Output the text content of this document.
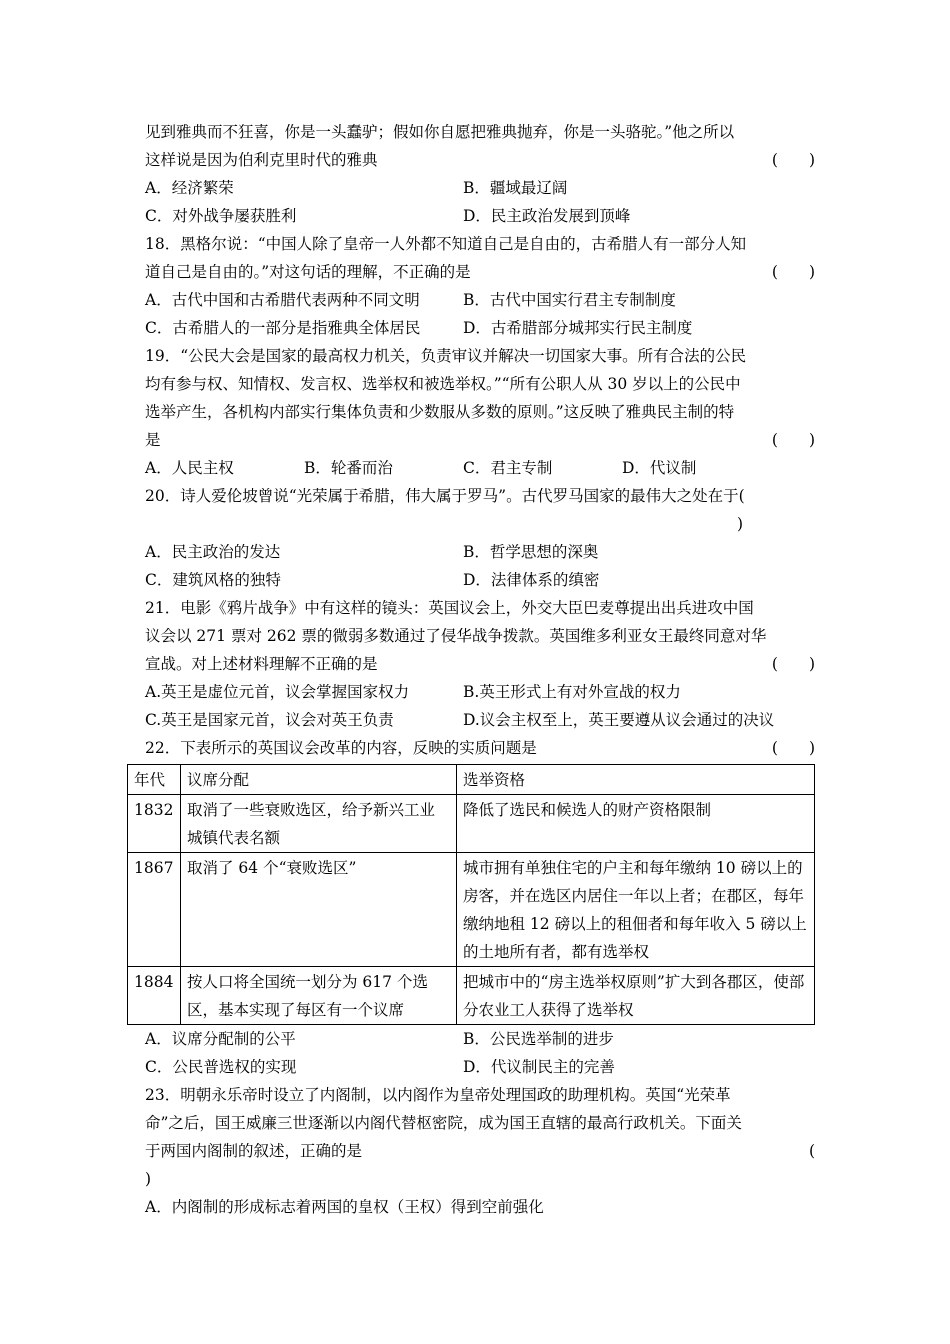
见到雅典而不狂喜，你是一头蠢驴；假如你自愿把雅典抛弃，你是一头骆驼。”他之所以
这样说是因为伯利克里时代的雅典	(　　)
A．经济繁荣	B．疆域最辽阔
C．对外战争屡获胜利	D．民主政治发展到顶峰
18．黑格尔说：“中国人除了皇帝一人外都不知道自己是自由的，古希腊人有一部分人知
道自己是自由的。”对这句话的理解，不正确的是	(　　)
A．古代中国和古希腊代表两种不同文明	B．古代中国实行君主专制制度
C．古希腊人的一部分是指雅典全体居民	D．古希腊部分城邦实行民主制度
19．“公民大会是国家的最高权力机关，负责审议并解决一切国家大事。所有合法的公民
均有参与权、知情权、发言权、选举权和被选举权。”“所有公职人从 30 岁以上的公民中
选举产生，各机构内部实行集体负责和少数服从多数的原则。”这反映了雅典民主制的特
是	(　　)
A．人民主权	B．轮番而治	C．君主专制	D．代议制
20．诗人爱伦坡曾说“光荣属于希腊，伟大属于罗马”。古代罗马国家的最伟大之处在于(
)
A．民主政治的发达	B．哲学思想的深奥
C．建筑风格的独特	D．法律体系的缜密
21．电影《鸦片战争》中有这样的镜头：英国议会上，外交大臣巴麦尊提出出兵进攻中国
议会以 271 票对 262 票的微弱多数通过了侵华战争拨款。英国维多利亚女王最终同意对华
宣战。对上述材料理解不正确的是	(　　)
A.英王是虚位元首，议会掌握国家权力	B.英王形式上有对外宣战的权力
C.英王是国家元首，议会对英王负责	D.议会主权至上，英王要遵从议会通过的决议
22．下表所示的英国议会改革的内容，反映的实质问题是	(　　)
年代	议席分配	选举资格
1832	取消了一些衰败选区，给予新兴工业城镇代表名额	降低了选民和候选人的财产资格限制
1867	取消了 64 个“衰败选区”	城市拥有单独住宅的户主和每年缴纳 10 磅以上的房客，并在选区内居住一年以上者；在郡区，每年缴纳地租 12 磅以上的租佃者和每年收入 5 磅以上的土地所有者，都有选举权
1884	按人口将全国统一划分为 617 个选区，基本实现了每区有一个议席	把城市中的“房主选举权原则”扩大到各郡区，使部分农业工人获得了选举权
A．议席分配制的公平	B．公民选举制的进步
C．公民普选权的实现	D．代议制民主的完善
23．明朝永乐帝时设立了内阁制，以内阁作为皇帝处理国政的助理机构。英国“光荣革
命”之后，国王威廉三世逐渐以内阁代替枢密院，成为国王直辖的最高行政机关。下面关
于两国内阁制的叙述，正确的是	(
)
A．内阁制的形成标志着两国的皇权（王权）得到空前强化
